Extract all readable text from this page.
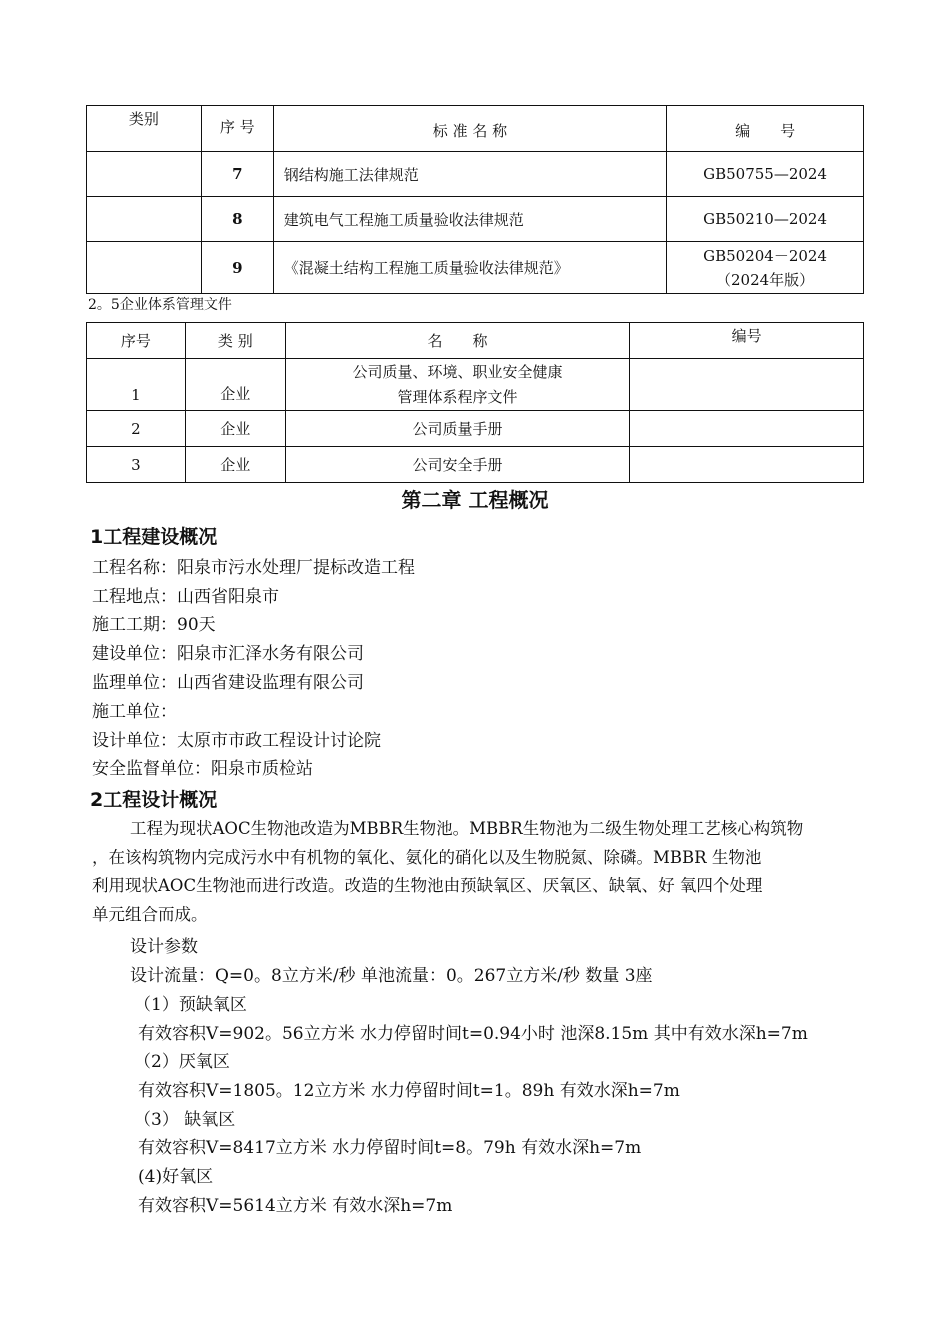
类别	序 号	标 准 名 称	编　　号
	7	钢结构施工法律规范	GB50755—2024
	8	建筑电气工程施工质量验收法律规范	GB50210—2024
	9	《混凝土结构工程施工质量验收法律规范》	GB50204－2024
（2024年版）
2。5企业体系管理文件
序号	类 别	名　　称	编号
1	企业	公司质量、环境、职业安全健康
管理体系程序文件	

2	企业	公司质量手册	
3	企业	公司安全手册	
第二章 工程概况
1工程建设概况
工程名称：阳泉市污水处理厂提标改造工程
工程地点：山西省阳泉市
施工工期：90天
建设单位：阳泉市汇泽水务有限公司
监理单位：山西省建设监理有限公司
施工单位：
设计单位：太原市市政工程设计讨论院
安全监督单位：阳泉市质检站
2工程设计概况
工程为现状AOC生物池改造为MBBR生物池。MBBR生物池为二级生物处理工艺核心构筑物
，在该构筑物内完成污水中有机物的氧化、氨化的硝化以及生物脱氮、除磷。MBBR 生物池
利用现状AOC生物池而进行改造。改造的生物池由预缺氧区、厌氧区、缺氧、好 氧四个处理
单元组合而成。
设计参数
设计流量：Q=0。8立方米/秒 单池流量：0。267立方米/秒 数量 3座
（1）预缺氧区
有效容积V=902。56立方米 水力停留时间t=0.94小时 池深8.15m 其中有效水深h=7m
（2）厌氧区
有效容积V=1805。12立方米 水力停留时间t=1。89h 有效水深h=7m
（3） 缺氧区
有效容积V=8417立方米 水力停留时间t=8。79h 有效水深h=7m
(4)好氧区
有效容积V=5614立方米 有效水深h=7m
